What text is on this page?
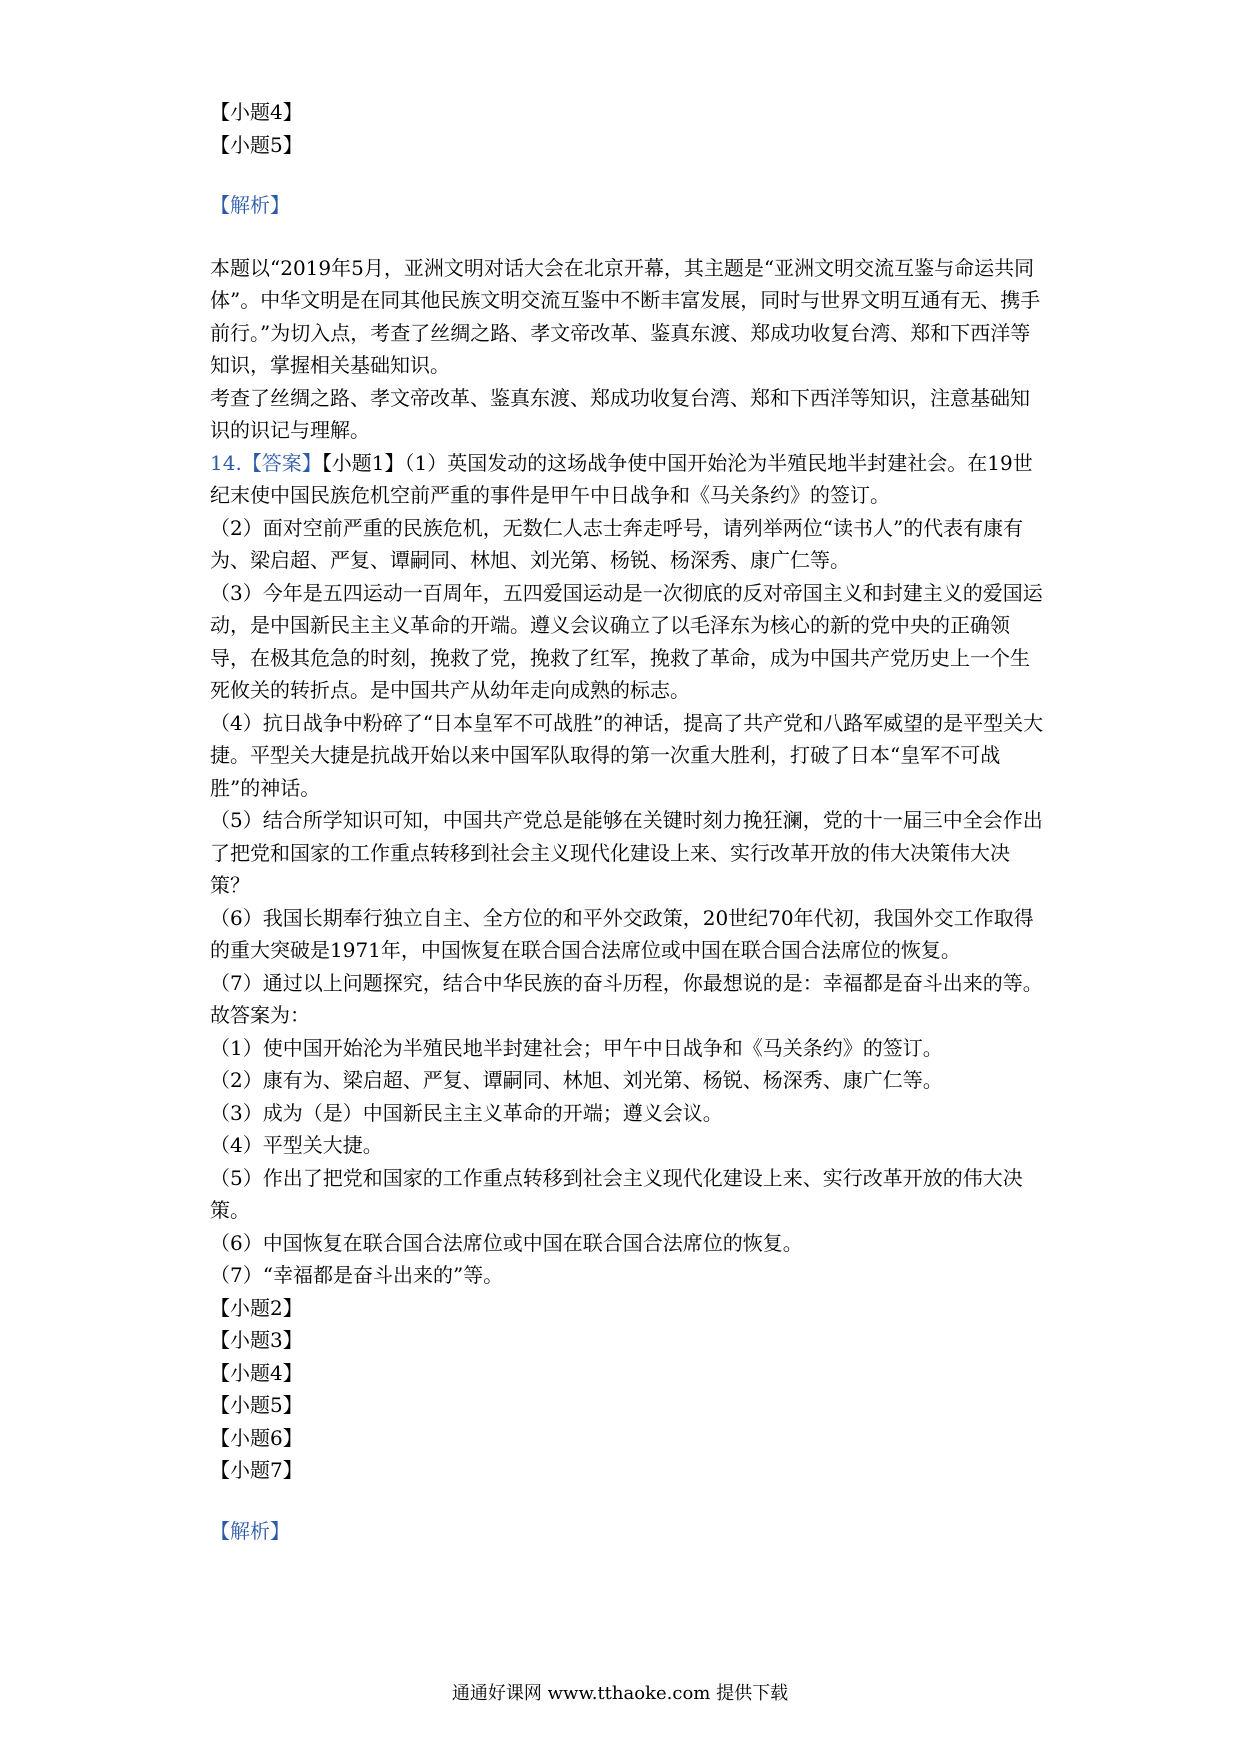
【小题4】
【小题5】
【解析】
本题以“2019年5月，亚洲文明对话大会在北京开幕，其主题是“亚洲文明交流互鉴与命运共同体”。中华文明是在同其他民族文明交流互鉴中不断丰富发展，同时与世界文明互通有无、携手前行。”为切入点，考查了丝绸之路、孝文帝改革、鉴真东渡、郑成功收复台湾、郑和下西洋等知识，掌握相关基础知识。
考查了丝绸之路、孝文帝改革、鉴真东渡、郑成功收复台湾、郑和下西洋等知识，注意基础知识的识记与理解。
14.【答案】【小题1】（1）英国发动的这场战争使中国开始沦为半殖民地半封建社会。在19世纪末使中国民族危机空前严重的事件是甲午中日战争和《马关条约》的签订。
（2）面对空前严重的民族危机，无数仁人志士奔走呼号，请列举两位“读书人”的代表有康有为、梁启超、严复、谭嗣同、林旭、刘光第、杨锐、杨深秀、康广仁等。
（3）今年是五四运动一百周年，五四爱国运动是一次彻底的反对帝国主义和封建主义的爱国运动，是中国新民主主义革命的开端。遵义会议确立了以毛泽东为核心的新的党中央的正确领导，在极其危急的时刻，挽救了党，挽救了红军，挽救了革命，成为中国共产党历史上一个生死攸关的转折点。是中国共产从幼年走向成熟的标志。
（4）抗日战争中粉碎了“日本皇军不可战胜”的神话，提高了共产党和八路军威望的是平型关大捷。平型关大捷是抗战开始以来中国军队取得的第一次重大胜利，打破了日本“皇军不可战胜”的神话。
（5）结合所学知识可知，中国共产党总是能够在关键时刻力挽狂澜，党的十一届三中全会作出了把党和国家的工作重点转移到社会主义现代化建设上来、实行改革开放的伟大决策伟大决策？
（6）我国长期奉行独立自主、全方位的和平外交政策，20世纪70年代初，我国外交工作取得的重大突破是1971年，中国恢复在联合国合法席位或中国在联合国合法席位的恢复。
（7）通过以上问题探究，结合中华民族的奋斗历程，你最想说的是：幸福都是奋斗出来的等。
故答案为：
（1）使中国开始沦为半殖民地半封建社会；甲午中日战争和《马关条约》的签订。
（2）康有为、梁启超、严复、谭嗣同、林旭、刘光第、杨锐、杨深秀、康广仁等。
（3）成为（是）中国新民主主义革命的开端；遵义会议。
（4）平型关大捷。
（5）作出了把党和国家的工作重点转移到社会主义现代化建设上来、实行改革开放的伟大决策。
（6）中国恢复在联合国合法席位或中国在联合国合法席位的恢复。
（7）“幸福都是奋斗出来的”等。
【小题2】
【小题3】
【小题4】
【小题5】
【小题6】
【小题7】
【解析】
通通好课网 www.tthaoke.com 提供下载
